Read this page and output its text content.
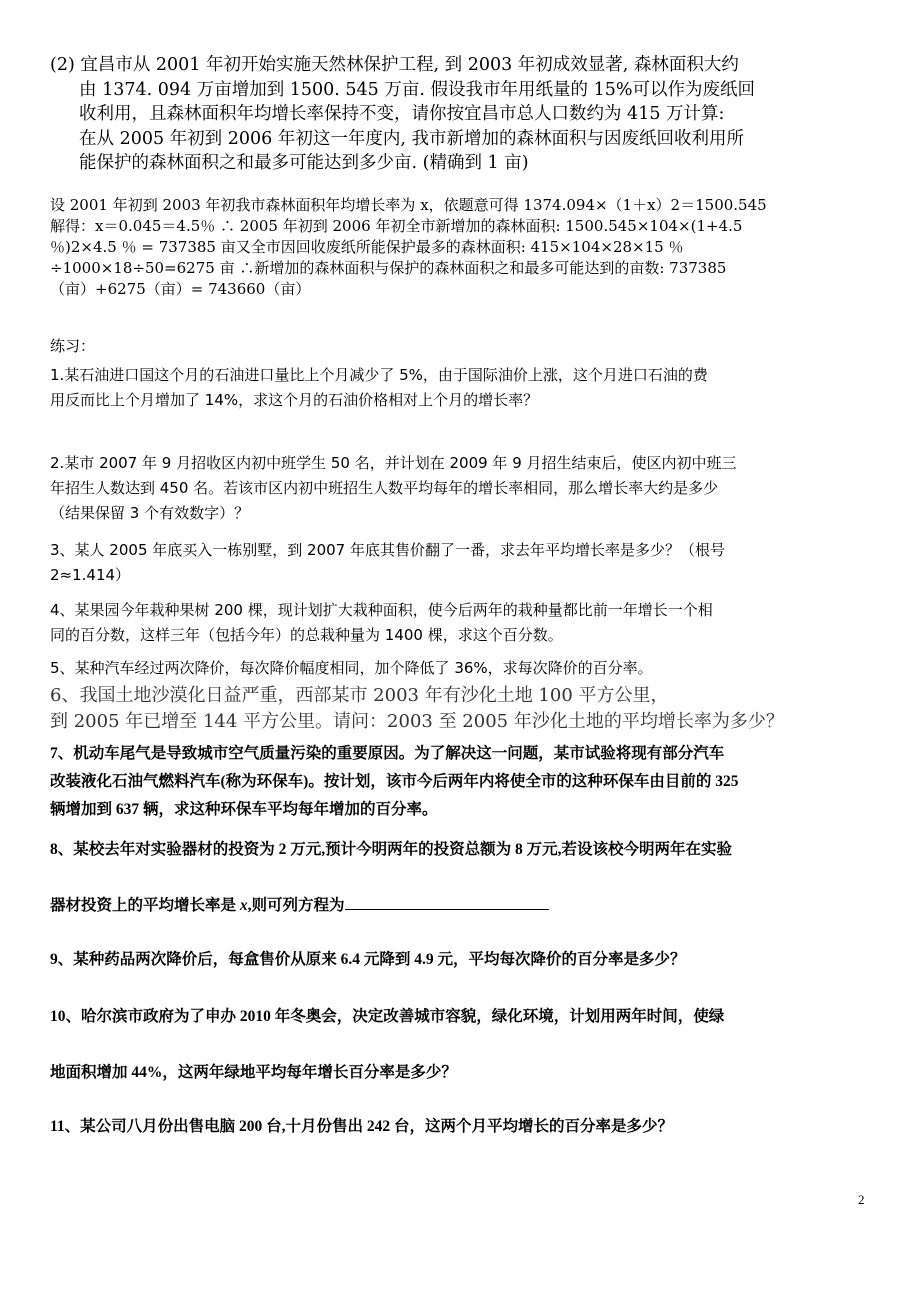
(2) 宜昌市从 2001 年初开始实施天然林保护工程, 到 2003 年初成效显著, 森林面积大约

由 1374. 094 万亩增加到 1500. 545 万亩. 假设我市年用纸量的 15%可以作为废纸回

收利用，且森林面积年均增长率保持不变，请你按宜昌市总人口数约为 415 万计算:

在从 2005 年初到 2006 年初这一年度内, 我市新增加的森林面积与因废纸回收利用所

能保护的森林面积之和最多可能达到多少亩. (精确到 1 亩)

设 2001 年初到 2003 年初我市森林面积年均增长率为 x，依题意可得 1374.094×（1＋x）2＝1500.545

解得：x＝0.045＝4.5％ ∴ 2005 年初到 2006 年初全市新增加的森林面积: 1500.545×104×(1+4.5

％)2×4.5 ％ = 737385 亩又全市因回收废纸所能保护最多的森林面积: 415×104×28×15 ％

÷1000×18÷50=6275 亩 ∴新增加的森林面积与保护的森林面积之和最多可能达到的亩数: 737385

（亩）+6275（亩）= 743660（亩）

练习：

1.某石油进口国这个月的石油进口量比上个月减少了 5%，由于国际油价上涨，这个月进口石油的费

用反而比上个月增加了 14%，求这个月的石油价格相对上个月的增长率？

2.某市 2007 年 9 月招收区内初中班学生 50 名，并计划在 2009 年 9 月招生结束后，使区内初中班三

年招生人数达到 450 名。若该市区内初中班招生人数平均每年的增长率相同，那么增长率大约是多少

（结果保留 3 个有效数字）？

3、某人 2005 年底买入一栋别墅，到 2007 年底其售价翻了一番，求去年平均增长率是多少？（根号

2≈1.414）

4、某果园今年栽种果树 200 棵，现计划扩大栽种面积，使今后两年的栽种量都比前一年增长一个相

同的百分数，这样三年（包括今年）的总栽种量为 1400 棵，求这个百分数。

5、某种汽车经过两次降价，每次降价幅度相同，加个降低了 36%，求每次降价的百分率。

6、我国土地沙漠化日益严重，西部某市 2003 年有沙化土地 100 平方公里，

到 2005 年已增至 144 平方公里。请问：2003 至 2005 年沙化土地的平均增长率为多少？

7、机动车尾气是导致城市空气质量污染的重要原因。为了解决这一问题，某市试验将现有部分汽车

改装液化石油气燃料汽车(称为环保车)。按计划，该市今后两年内将使全市的这种环保车由目前的 325

辆增加到 637 辆，求这种环保车平均每年增加的百分率。

8、某校去年对实验器材的投资为 2 万元,预计今明两年的投资总额为 8 万元,若设该校今明两年在实验

器材投资上的平均增长率是 x,则可列方程为

9、某种药品两次降价后，每盒售价从原来 6.4 元降到 4.9 元，平均每次降价的百分率是多少？

10、哈尔滨市政府为了申办 2010 年冬奥会，决定改善城市容貌，绿化环境，计划用两年时间，使绿

地面积增加 44%，这两年绿地平均每年增长百分率是多少？

11、某公司八月份出售电脑 200 台,十月份售出 242 台，这两个月平均增长的百分率是多少？

2
